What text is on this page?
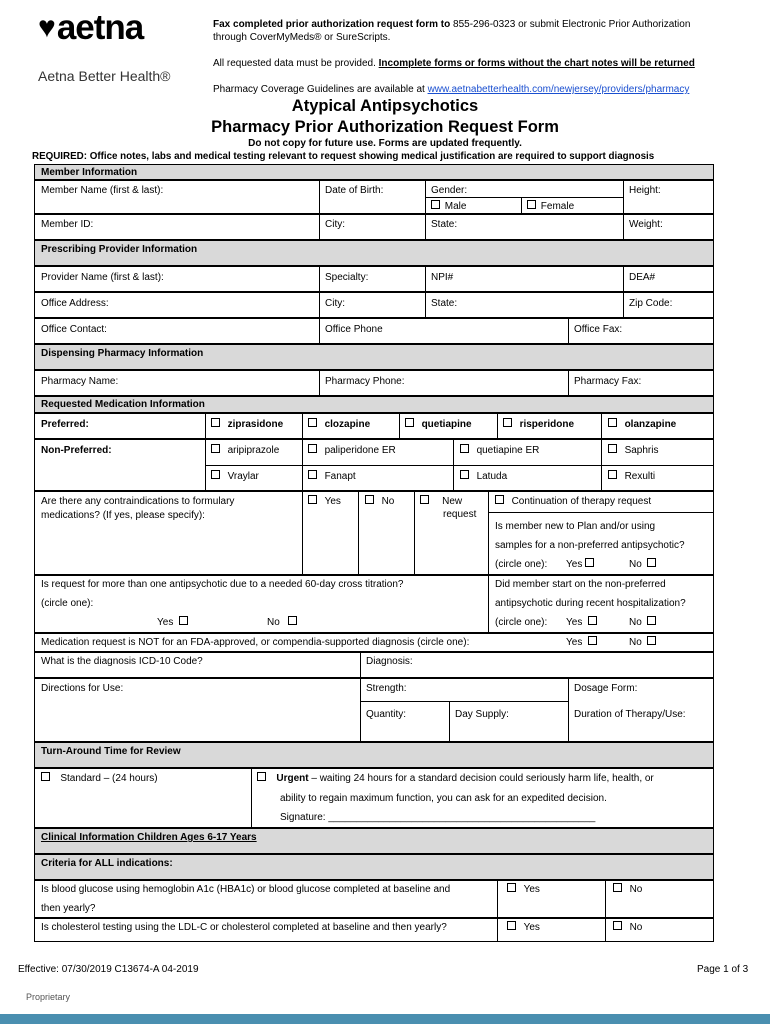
♥ aetna
Aetna Better Health®
Fax completed prior authorization request form to 855-296-0323 or submit Electronic Prior Authorization
through CoverMyMeds® or SureScripts.
All requested data must be provided. Incomplete forms or forms without the chart notes will be returned
Pharmacy Coverage Guidelines are available at www.aetnabetterhealth.com/newjersey/providers/pharmacy
Atypical Antipsychotics
Pharmacy Prior Authorization Request Form
Do not copy for future use. Forms are updated frequently.
REQUIRED: Office notes, labs and medical testing relevant to request showing medical justification are required to support diagnosis
Member Information
Member Name (first & last):	Date of Birth:	Gender:	Height:
Male	Female
Member ID:	City:	State:	Weight:
Prescribing Provider Information
Provider Name (first & last):	Specialty:	NPI#	DEA#
Office Address:	City:	State:	Zip Code:
Office Contact:	Office Phone	Office Fax:
Dispensing Pharmacy Information
Pharmacy Name:	Pharmacy Phone:	Pharmacy Fax:
Requested Medication Information
Preferred:	ziprasidone	clozapine	quetiapine	risperidone	olanzapine
Non-Preferred:	aripiprazole	paliperidone ER	quetiapine ER	Saphris
Vraylar	Fanapt	Latuda	Rexulti
Are there any contraindications to formulary
medications? (If yes, please specify):
Yes	No	New
request
Continuation of therapy request
Is member new to Plan and/or using
samples for a non-preferred antipsychotic?
(circle one): Yes	No
Is request for more than one antipsychotic due to a needed 60-day cross titration?
(circle one):
Yes	No
Did member start on the non-preferred
antipsychotic during recent hospitalization?
(circle one): Yes	No
Medication request is NOT for an FDA-approved, or compendia-supported diagnosis (circle one):	Yes	No
What is the diagnosis ICD-10 Code?	Diagnosis:
Directions for Use:	Strength:	Dosage Form:
Quantity:	Day Supply:	Duration of Therapy/Use:
Turn-Around Time for Review
Standard – (24 hours)	Urgent – waiting 24 hours for a standard decision could seriously harm life, health, or
ability to regain maximum function, you can ask for an expedited decision.
Signature: ________________________________________________
Clinical Information Children Ages 6-17 Years
Criteria for ALL indications:
Is blood glucose using hemoglobin A1c (HBA1c) or blood glucose completed at baseline and
then yearly?
Yes	No
Is cholesterol testing using the LDL-C or cholesterol completed at baseline and then yearly?	Yes	No
Effective: 07/30/2019 C13674-A 04-2019	Page 1 of 3
Proprietary
